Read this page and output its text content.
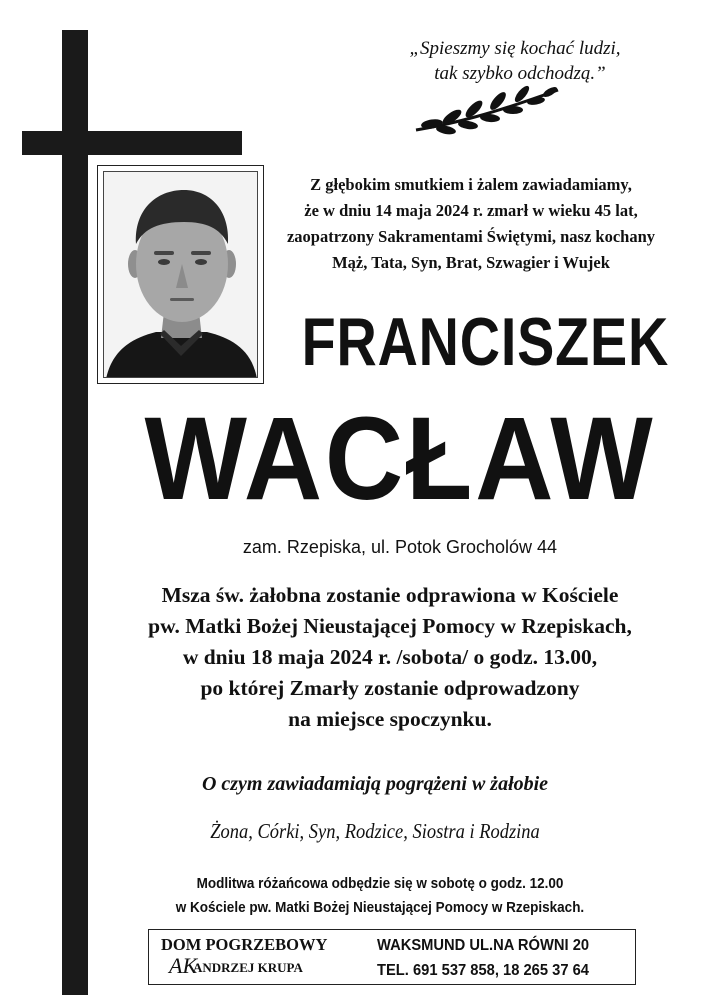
„Spieszmy się kochać ludzi,
tak szybko odchodzą.”
Z głębokim smutkiem i żalem zawiadamiamy,
że w dniu 14 maja 2024 r. zmarł w wieku 45 lat,
zaopatrzony Sakramentami Świętymi, nasz kochany
Mąż, Tata, Syn, Brat, Szwagier i Wujek
FRANCISZEK
WACŁAW
zam. Rzepiska, ul. Potok Grocholów 44
Msza św. żałobna zostanie odprawiona w Kościele
pw. Matki Bożej Nieustającej Pomocy w Rzepiskach,
w dniu 18 maja 2024 r. /sobota/ o godz. 13.00,
po której Zmarły zostanie odprowadzony
na miejsce spoczynku.
O czym zawiadamiają pogrążeni w żałobie
Żona, Córki, Syn, Rodzice, Siostra i Rodzina
Modlitwa różańcowa odbędzie się w sobotę o godz. 12.00
w Kościele pw. Matki Bożej Nieustającej Pomocy w Rzepiskach.
DOM POGRZEBOWY
AK
ANDRZEJ KRUPA
WAKSMUND UL.NA RÓWNI 20
TEL. 691 537 858, 18 265 37 64
